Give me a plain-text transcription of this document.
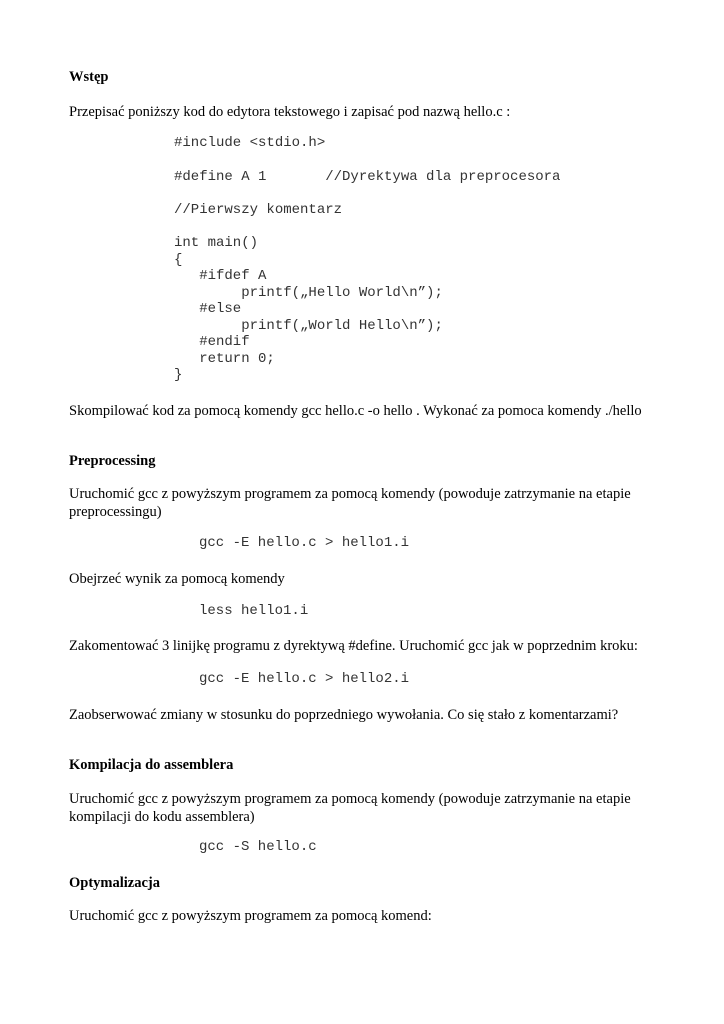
Wstęp

Przepisać poniższy kod do edytora tekstowego i zapisać pod nazwą hello.c :

#include <stdio.h>
#define A 1       //Dyrektywa dla preprocesora
//Pierwszy komentarz
int main()
{
#ifdef A
printf(„Hello World\n”);
#else
printf(„World Hello\n”);
#endif
return 0;
}

Skompilować kod za pomocą komendy gcc hello.c -o hello . Wykonać za pomoca komendy ./hello

Preprocessing

Uruchomić gcc z powyższym programem za pomocą komendy (powoduje zatrzymanie na etapie preprocessingu)

gcc -E hello.c > hello1.i

Obejrzeć wynik za pomocą komendy

less hello1.i

Zakomentować 3 linijkę programu z dyrektywą #define. Uruchomić gcc jak w poprzednim kroku:

gcc -E hello.c > hello2.i

Zaobserwować zmiany w stosunku do poprzedniego wywołania. Co się stało z komentarzami?

Kompilacja do assemblera

Uruchomić gcc z powyższym programem za pomocą komendy (powoduje zatrzymanie na etapie kompilacji do kodu assemblera)

gcc -S hello.c

Optymalizacja

Uruchomić gcc z powyższym programem za pomocą komend:
